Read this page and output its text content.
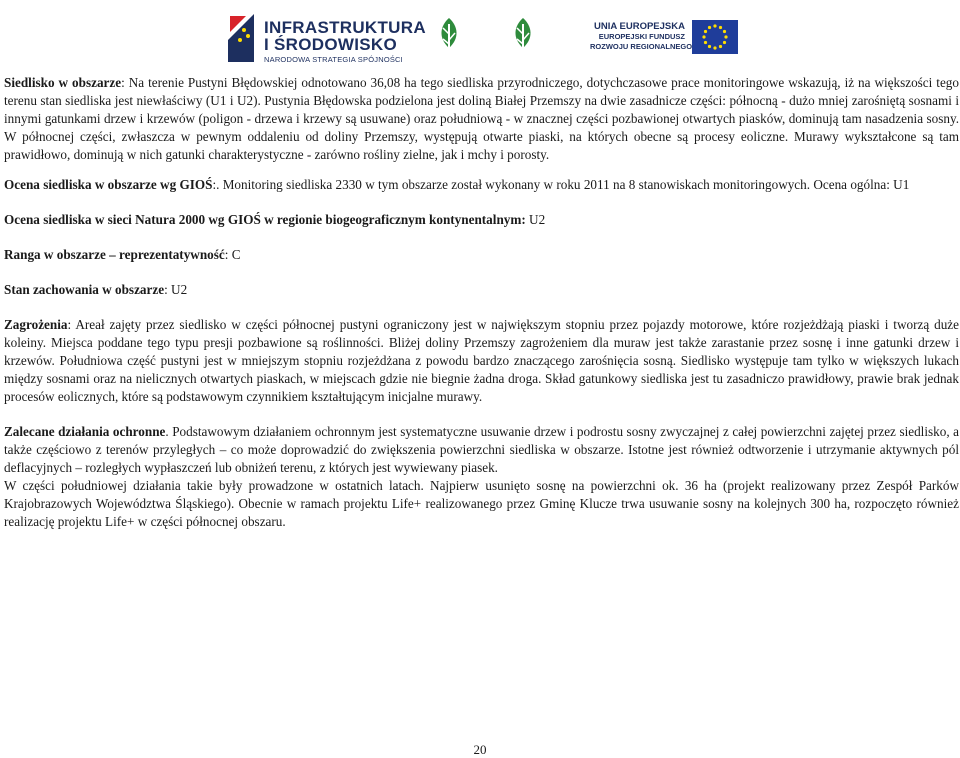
INFRASTRUKTURA
I ŚRODOWISKO
NARODOWA STRATEGIA SPÓJNOŚCI
UNIA EUROPEJSKA
EUROPEJSKI FUNDUSZ
ROZWOJU REGIONALNEGO

Siedlisko w obszarze: Na terenie Pustyni Błędowskiej odnotowano 36,08 ha tego siedliska przyrodniczego, dotychczasowe prace monitoringowe wskazują, iż na większości tego terenu stan siedliska jest niewłaściwy (U1 i U2). Pustynia Błędowska podzielona jest doliną Białej Przemszy na dwie zasadnicze części: północną - dużo mniej zarośniętą sosnami i innymi gatunkami drzew i krzewów (poligon - drzewa i krzewy są usuwane) oraz południową - w znacznej części pozbawionej otwartych piasków, dominują tam nasadzenia sosny. W północnej części, zwłaszcza w pewnym oddaleniu od doliny Przemszy, występują otwarte piaski, na których obecne są procesy eoliczne. Murawy wykształcone są tam prawidłowo, dominują w nich gatunki charakterystyczne - zarówno rośliny zielne, jak i mchy i porosty.

Ocena siedliska w obszarze wg GIOŚ:. Monitoring siedliska 2330 w tym obszarze został wykonany w roku 2011 na 8 stanowiskach monitoringowych. Ocena ogólna: U1

Ocena siedliska w sieci Natura 2000 wg GIOŚ w regionie biogeograficznym kontynentalnym: U2

Ranga w obszarze – reprezentatywność: C

Stan zachowania w obszarze: U2

Zagrożenia: Areał zajęty przez siedlisko w części północnej pustyni ograniczony jest w największym stopniu przez pojazdy motorowe, które rozjeżdżają piaski i tworzą duże koleiny. Miejsca poddane tego typu presji pozbawione są roślinności. Bliżej doliny Przemszy zagrożeniem dla muraw jest także zarastanie przez sosnę i inne gatunki drzew i krzewów. Południowa część pustyni jest w mniejszym stopniu rozjeżdżana z powodu bardzo znaczącego zarośnięcia sosną. Siedlisko występuje tam tylko w większych lukach między sosnami oraz na nielicznych otwartych piaskach, w miejscach gdzie nie biegnie żadna droga. Skład gatunkowy siedliska jest tu zasadniczo prawidłowy, prawie brak jednak procesów eolicznych, które są podstawowym czynnikiem kształtującym inicjalne murawy.

Zalecane działania ochronne. Podstawowym działaniem ochronnym jest systematyczne usuwanie drzew i podrostu sosny zwyczajnej z całej powierzchni zajętej przez siedlisko, a także częściowo z terenów przyległych – co może doprowadzić do zwiększenia powierzchni siedliska w obszarze. Istotne jest również odtworzenie i utrzymanie aktywnych pól deflacyjnych – rozległych wypłaszczeń lub obniżeń terenu, z których jest wywiewany piasek.

W części południowej działania takie były prowadzone w ostatnich latach. Najpierw usunięto sosnę na powierzchni ok. 36 ha (projekt realizowany przez Zespół Parków Krajobrazowych Województwa Śląskiego). Obecnie w ramach projektu Life+ realizowanego przez Gminę Klucze trwa usuwanie sosny na kolejnych 300 ha, rozpoczęto również realizację projektu Life+ w części północnej obszaru.

20
